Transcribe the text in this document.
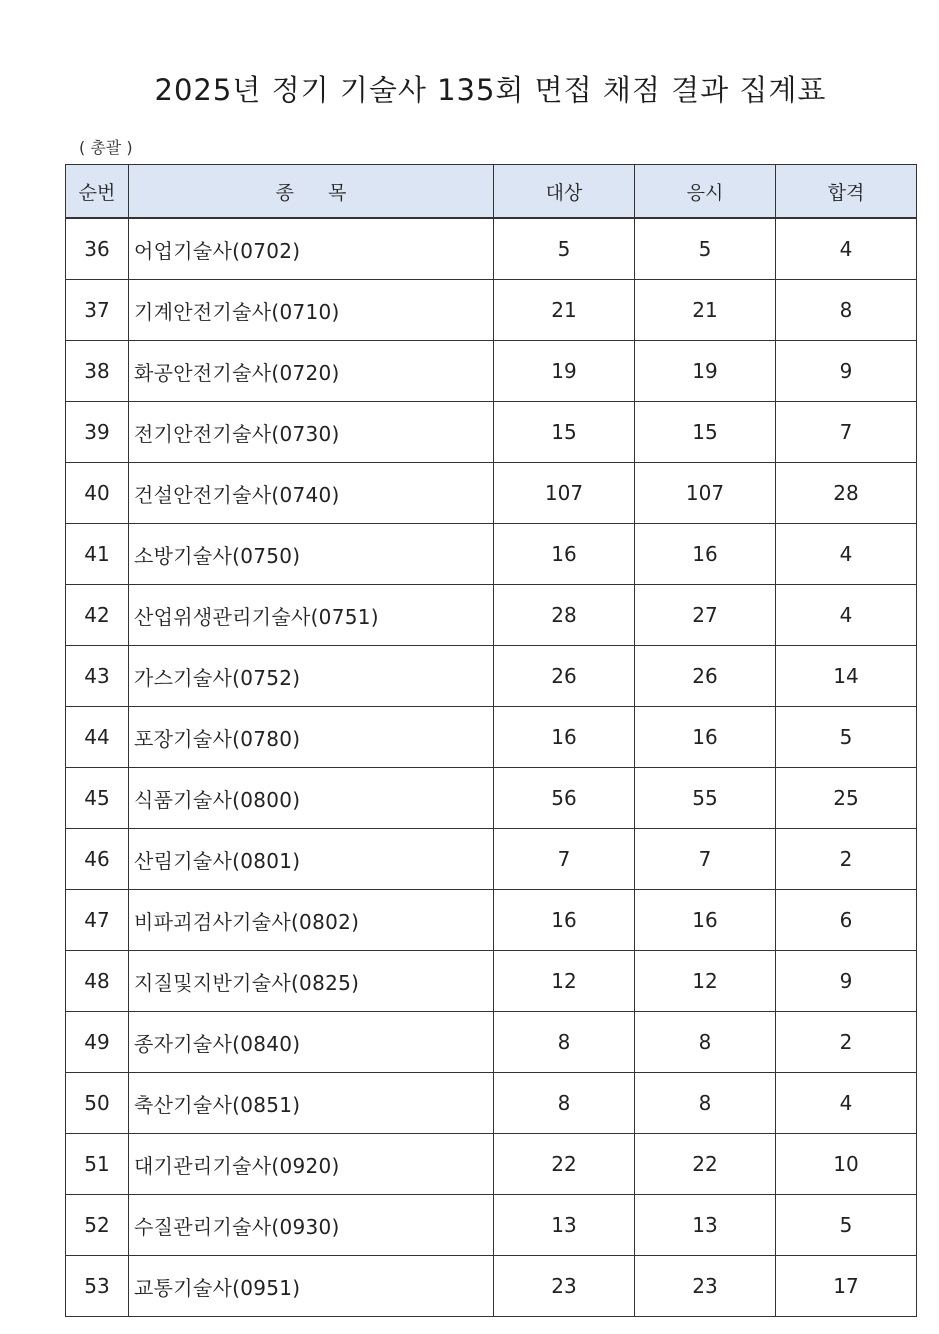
2025년 정기 기술사 135회 면접 채점 결과 집계표
( 총괄 )
순번	종 목	대상	응시	합격
36	어업기술사(0702)	5	5	4
37	기계안전기술사(0710)	21	21	8
38	화공안전기술사(0720)	19	19	9
39	전기안전기술사(0730)	15	15	7
40	건설안전기술사(0740)	107	107	28
41	소방기술사(0750)	16	16	4
42	산업위생관리기술사(0751)	28	27	4
43	가스기술사(0752)	26	26	14
44	포장기술사(0780)	16	16	5
45	식품기술사(0800)	56	55	25
46	산림기술사(0801)	7	7	2
47	비파괴검사기술사(0802)	16	16	6
48	지질및지반기술사(0825)	12	12	9
49	종자기술사(0840)	8	8	2
50	축산기술사(0851)	8	8	4
51	대기관리기술사(0920)	22	22	10
52	수질관리기술사(0930)	13	13	5
53	교통기술사(0951)	23	23	17
